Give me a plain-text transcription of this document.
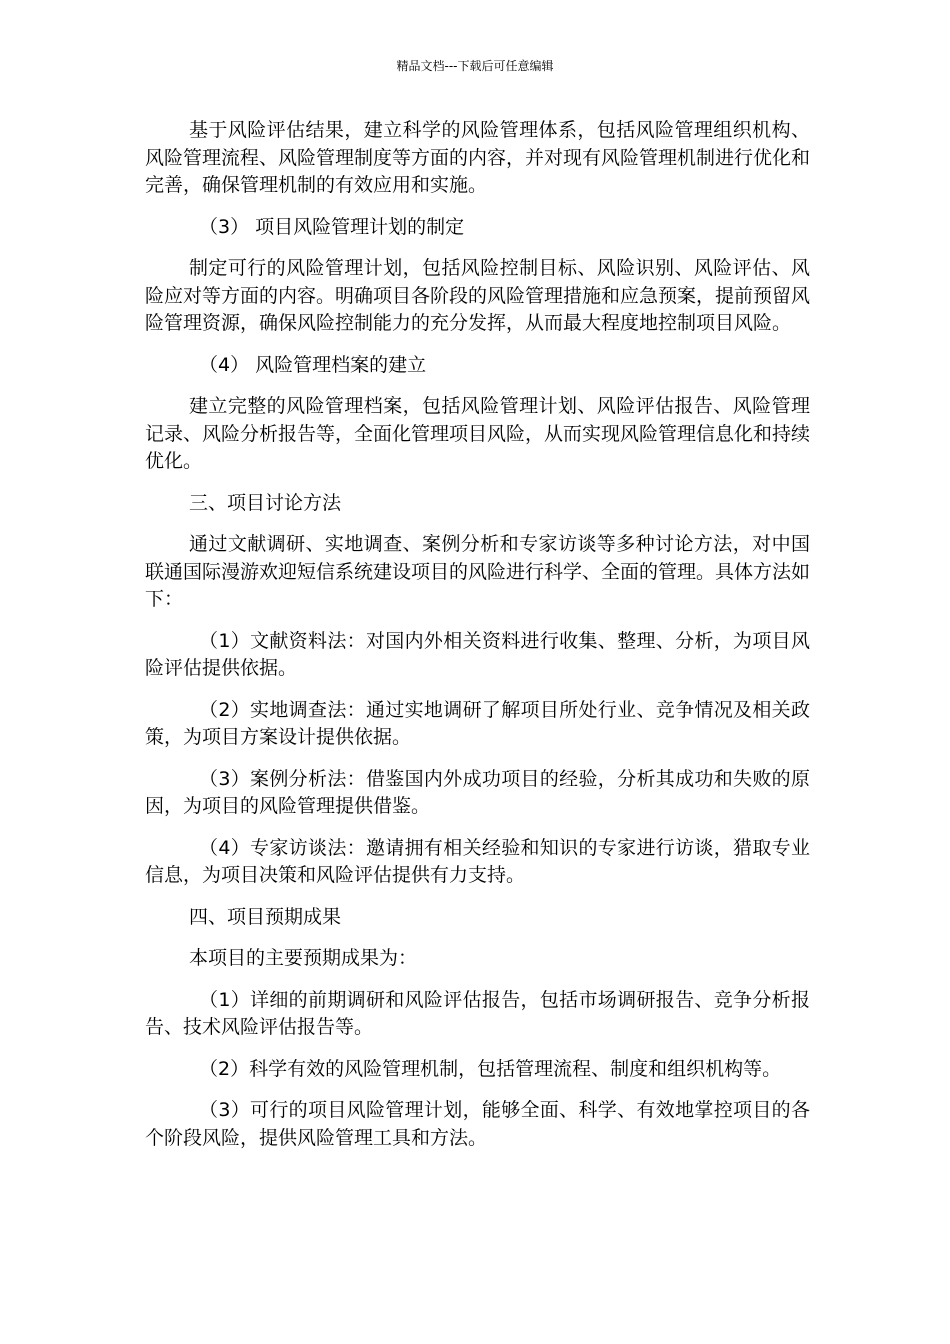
精品文档---下载后可任意编辑

基于风险评估结果，建立科学的风险管理体系，包括风险管理组织机构、风险管理流程、风险管理制度等方面的内容，并对现有风险管理机制进行优化和完善，确保管理机制的有效应用和实施。

（3） 项目风险管理计划的制定

制定可行的风险管理计划，包括风险控制目标、风险识别、风险评估、风险应对等方面的内容。明确项目各阶段的风险管理措施和应急预案，提前预留风险管理资源，确保风险控制能力的充分发挥，从而最大程度地控制项目风险。

（4） 风险管理档案的建立

建立完整的风险管理档案，包括风险管理计划、风险评估报告、风险管理记录、风险分析报告等，全面化管理项目风险，从而实现风险管理信息化和持续优化。

三、项目讨论方法

通过文献调研、实地调查、案例分析和专家访谈等多种讨论方法，对中国联通国际漫游欢迎短信系统建设项目的风险进行科学、全面的管理。具体方法如下：

（1）文献资料法：对国内外相关资料进行收集、整理、分析，为项目风险评估提供依据。

（2）实地调查法：通过实地调研了解项目所处行业、竞争情况及相关政策，为项目方案设计提供依据。

（3）案例分析法：借鉴国内外成功项目的经验，分析其成功和失败的原因，为项目的风险管理提供借鉴。

（4）专家访谈法：邀请拥有相关经验和知识的专家进行访谈，猎取专业信息，为项目决策和风险评估提供有力支持。

四、项目预期成果

本项目的主要预期成果为：

（1）详细的前期调研和风险评估报告，包括市场调研报告、竞争分析报告、技术风险评估报告等。

（2）科学有效的风险管理机制，包括管理流程、制度和组织机构等。

（3）可行的项目风险管理计划，能够全面、科学、有效地掌控项目的各个阶段风险，提供风险管理工具和方法。
